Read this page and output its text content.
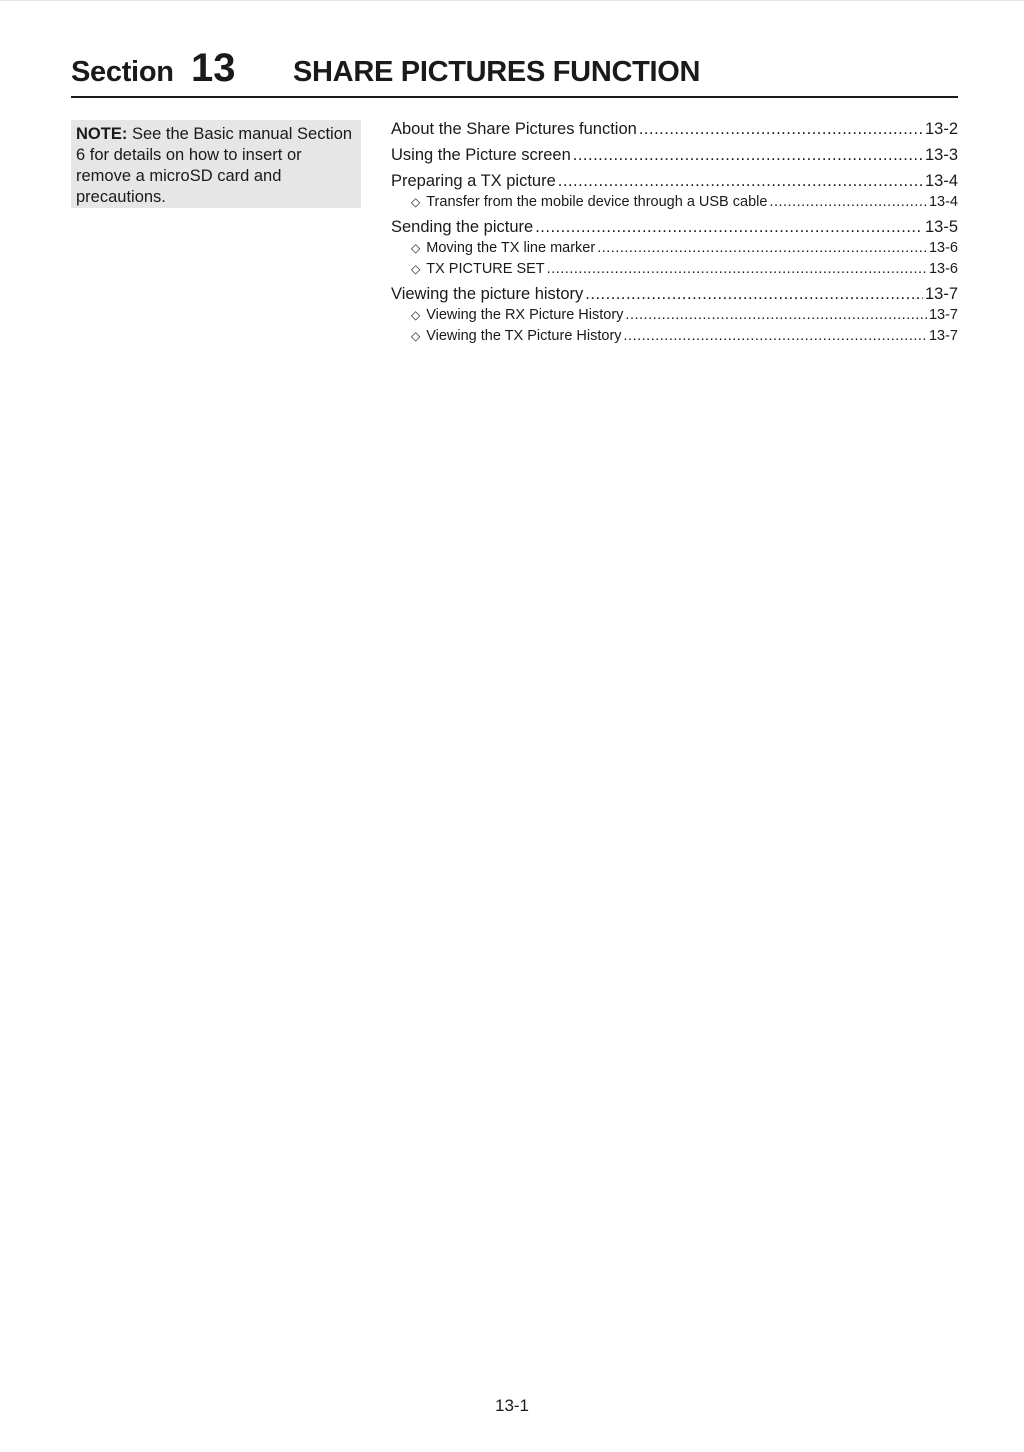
Section 13 SHARE PICTURES FUNCTION
NOTE: See the Basic manual Section 6 for details on how to insert or remove a microSD card and precautions.
About the Share Pictures function .....	13-2
Using the Picture screen .....	13-3
Preparing a TX picture .....	13-4
◇ Transfer from the mobile device through a USB cable .....	13-4
Sending the picture .....	13-5
◇ Moving the TX line marker .....	13-6
◇ TX PICTURE SET .....	13-6
Viewing the picture history .....	13-7
◇ Viewing the RX Picture History .....	13-7
◇ Viewing the TX Picture History .....	13-7
13-1
